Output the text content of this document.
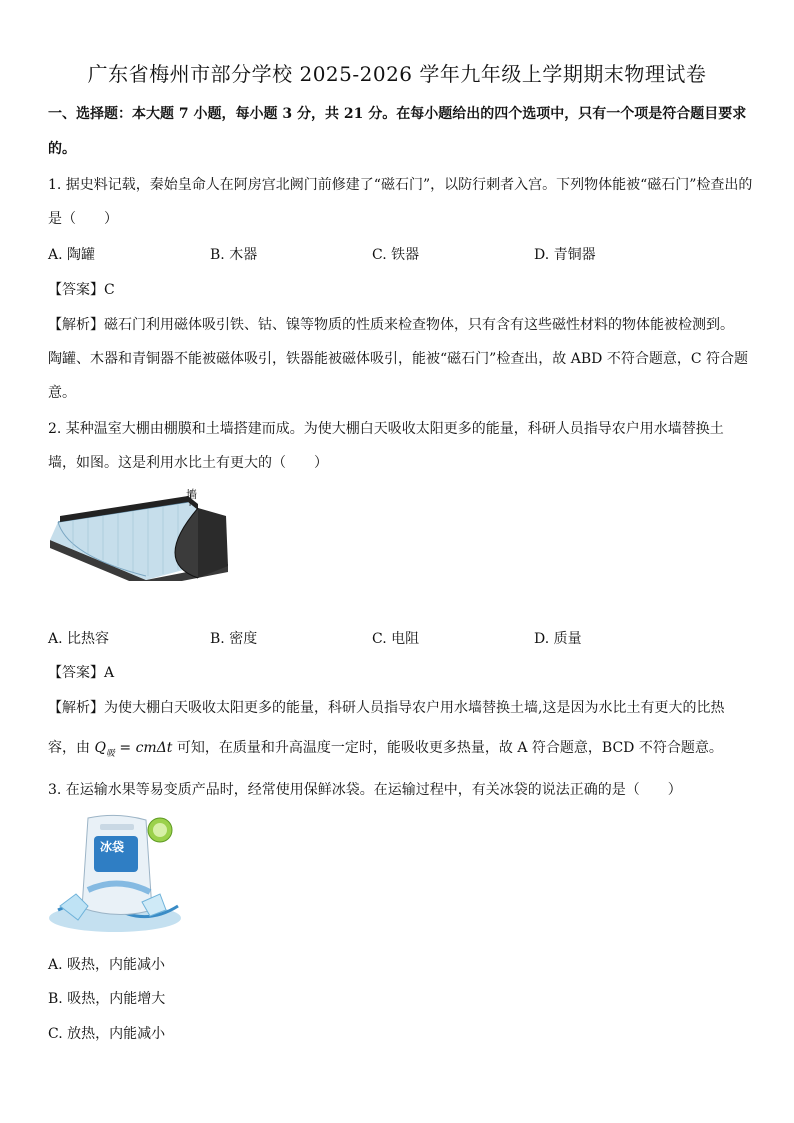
广东省梅州市部分学校 2025-2026 学年九年级上学期期末物理试卷
一、选择题：本大题 7 小题，每小题 3 分，共 21 分。在每小题给出的四个选项中，只有一个项是符合题目要求
的。
1. 据史料记载，秦始皇命人在阿房宫北阙门前修建了“磁石门”，以防行刺者入宫。下列物体能被“磁石门”检查出的
是（　　）
A. 陶罐	B. 木器	C. 铁器	D. 青铜器
【答案】C
【解析】磁石门利用磁体吸引铁、钴、镍等物质的性质来检查物体，只有含有这些磁性材料的物体能被检测到。
陶罐、木器和青铜器不能被磁体吸引，铁器能被磁体吸引，能被“磁石门”检查出，故 ABD 不符合题意，C 符合题
意。
2. 某种温室大棚由棚膜和土墙搭建而成。为使大棚白天吸收太阳更多的能量，科研人员指导农户用水墙替换土
墙，如图。这是利用水比土有更大的（　　）
墙
A. 比热容	B. 密度	C. 电阻	D. 质量
【答案】A
【解析】为使大棚白天吸收太阳更多的能量，科研人员指导农户用水墙替换土墙,这是因为水比土有更大的比热
容，由 $Q_吸 = cm\Delta t$ 可知，在质量和升高温度一定时，能吸收更多热量，故 A 符合题意，BCD 不符合题意。
3. 在运输水果等易变质产品时，经常使用保鲜冰袋。在运输过程中，有关冰袋的说法正确的是（　　）
冰袋
A. 吸热，内能减小
B. 吸热，内能增大
C. 放热，内能减小
